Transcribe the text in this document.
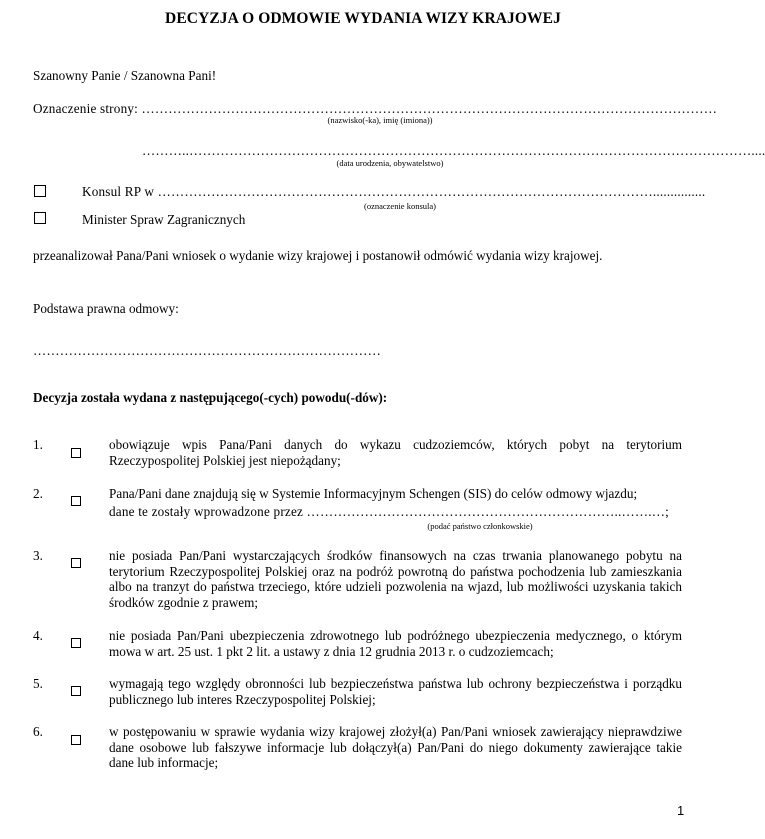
DECYZJA O ODMOWIE WYDANIA WIZY KRAJOWEJ
Szanowny Panie / Szanowna Pani!
Oznaczenie strony: …………………………………………………………………………………………………………………
(nazwisko(-ka), imię (imiona))
………..………………………………………………………………………………………………………………....
(data urodzenia, obywatelstwo)
Konsul RP w …………………………………………………………………………………………………...............
(oznaczenie konsula)
Minister Spraw Zagranicznych
przeanalizował Pana/Pani wniosek o wydanie wizy krajowej i postanowił odmówić wydania wizy krajowej.
Podstawa prawna odmowy:
……………………………………………………………………
Decyzja została wydana z następującego(-cych) powodu(-dów):
1.	obowiązuje wpis Pana/Pani danych do wykazu cudzoziemców, których pobyt na terytorium Rzeczypospolitej Polskiej jest niepożądany;
2.	Pana/Pani dane znajdują się w Systemie Informacyjnym Schengen (SIS) do celów odmowy wjazdu;
dane te zostały wprowadzone przez ……………………………………………………………..…….…;
(podać państwo członkowskie)
3.	nie posiada Pan/Pani wystarczających środków finansowych na czas trwania planowanego pobytu na terytorium Rzeczypospolitej Polskiej oraz na podróż powrotną do państwa pochodzenia lub zamieszkania albo na tranzyt do państwa trzeciego, które udzieli pozwolenia na wjazd, lub możliwości uzyskania takich środków zgodnie z prawem;
4.	nie posiada Pan/Pani ubezpieczenia zdrowotnego lub podróżnego ubezpieczenia medycznego, o którym mowa w art. 25 ust. 1 pkt 2 lit. a ustawy z dnia 12 grudnia 2013 r. o cudzoziemcach;
5.	wymagają tego względy obronności lub bezpieczeństwa państwa lub ochrony bezpieczeństwa i porządku publicznego lub interes Rzeczypospolitej Polskiej;
6.	w postępowaniu w sprawie wydania wizy krajowej złożył(a) Pan/Pani wniosek zawierający nieprawdziwe dane osobowe lub fałszywe informacje lub dołączył(a) Pan/Pani do niego dokumenty zawierające takie dane lub informacje;
1
